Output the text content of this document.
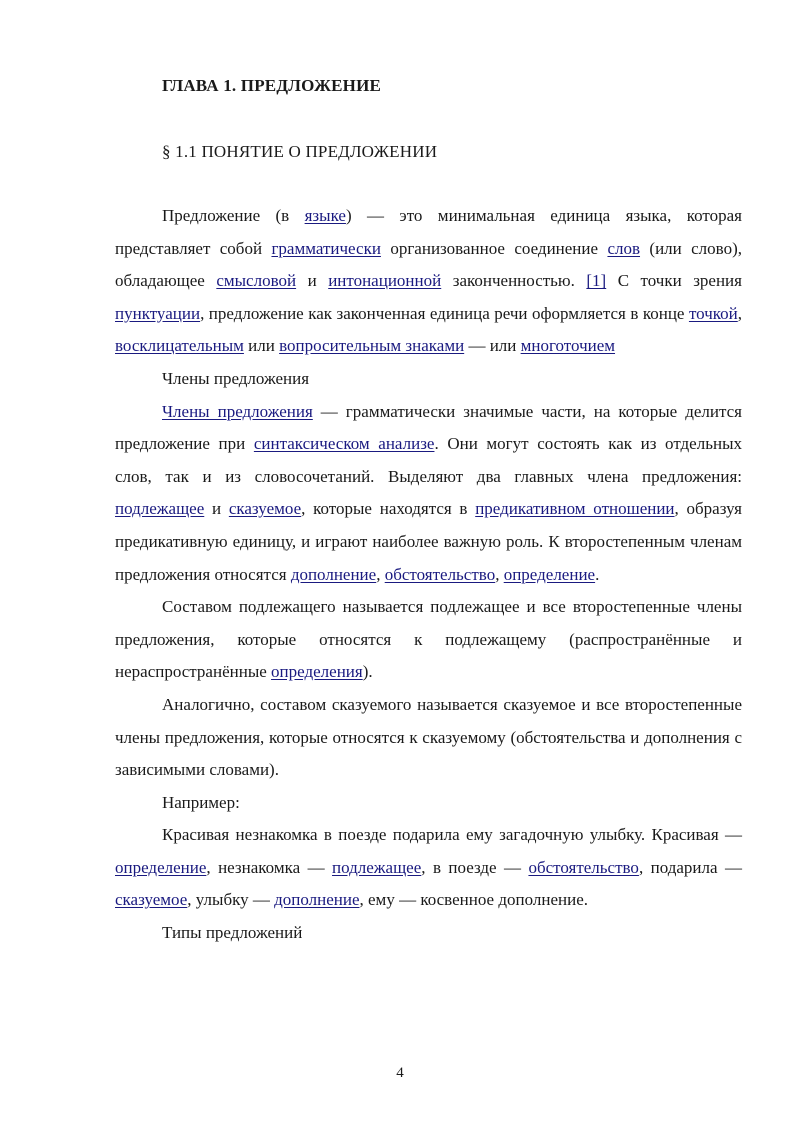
ГЛАВА 1. ПРЕДЛОЖЕНИЕ
§ 1.1 ПОНЯТИЕ О ПРЕДЛОЖЕНИИ

Предложение (в языке) — это минимальная единица языка, которая представляет собой грамматически организованное соединение слов (или слово), обладающее смысловой и интонационной законченностью. [1] С точки зрения пунктуации, предложение как законченная единица речи оформляется в конце точкой, восклицательным или вопросительным знаками — или многоточием

Члены предложения

Члены предложения — грамматически значимые части, на которые делится предложение при синтаксическом анализе. Они могут состоять как из отдельных слов, так и из словосочетаний. Выделяют два главных члена предложения: подлежащее и сказуемое, которые находятся в предикативном отношении, образуя предикативную единицу, и играют наиболее важную роль. К второстепенным членам предложения относятся дополнение, обстоятельство, определение.

Составом подлежащего называется подлежащее и все второстепенные члены предложения, которые относятся к подлежащему (распространённые и нераспространённые определения).

Аналогично, составом сказуемого называется сказуемое и все второстепенные члены предложения, которые относятся к сказуемому (обстоятельства и дополнения с зависимыми словами).

Например:

Красивая незнакомка в поезде подарила ему загадочную улыбку. Красивая — определение, незнакомка — подлежащее, в поезде — обстоятельство, подарила — сказуемое, улыбку — дополнение, ему — косвенное дополнение.

Типы предложений

4
